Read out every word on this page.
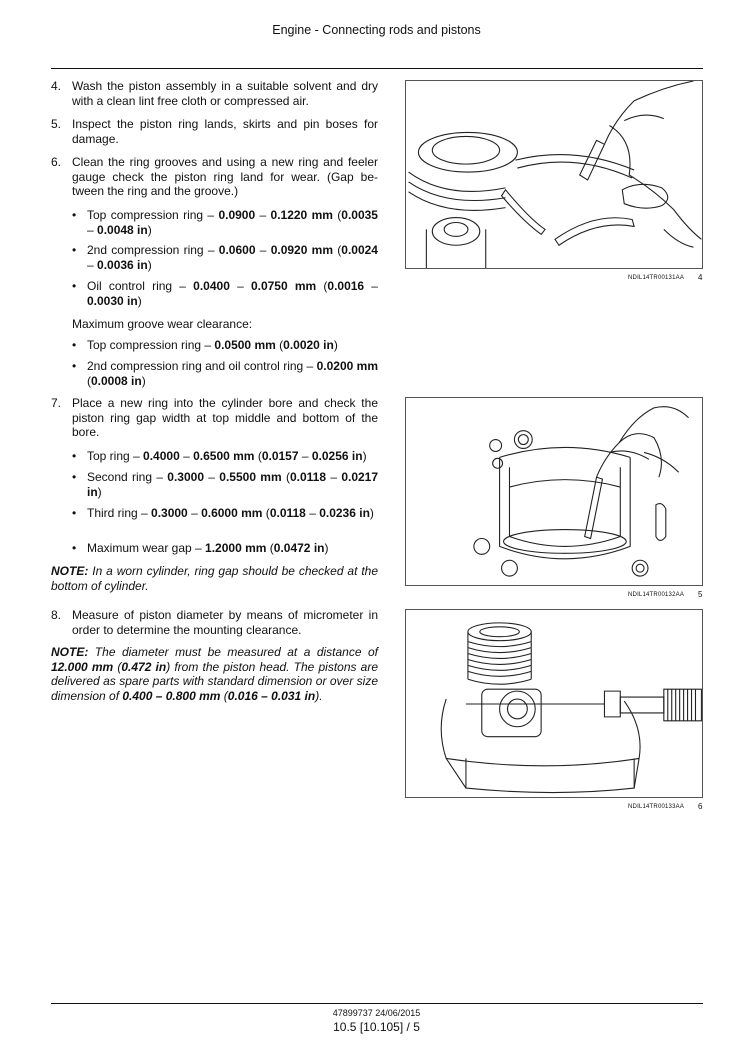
Engine - Connecting rods and pistons
4. Wash the piston assembly in a suitable solvent and dry with a clean lint free cloth or compressed air.
5. Inspect the piston ring lands, skirts and pin boses for damage.
6. Clean the ring grooves and using a new ring and feeler gauge check the piston ring land for wear. (Gap be- tween the ring and the groove.)
• Top compression ring – 0.0900 – 0.1220 mm (0.0035 – 0.0048 in)
• 2nd compression ring – 0.0600 – 0.0920 mm (0.0024 – 0.0036 in)
• Oil control ring – 0.0400 – 0.0750 mm (0.0016 – 0.0030 in)
Maximum groove wear clearance:
• Top compression ring – 0.0500 mm (0.0020 in)
• 2nd compression ring and oil control ring – 0.0200 mm (0.0008 in)
7. Place a new ring into the cylinder bore and check the piston ring gap width at top middle and bottom of the bore.
• Top ring – 0.4000 – 0.6500 mm (0.0157 – 0.0256 in)
• Second ring – 0.3000 – 0.5500 mm (0.0118 – 0.0217 in)
• Third ring – 0.3000 – 0.6000 mm (0.0118 – 0.0236 in)
• Maximum wear gap – 1.2000 mm (0.0472 in)
NOTE: In a worn cylinder, ring gap should be checked at the bottom of cylinder.
8. Measure of piston diameter by means of micrometer in order to determine the mounting clearance.
NOTE: The diameter must be measured at a distance of 12.000 mm (0.472 in) from the piston head. The pistons are delivered as spare parts with standard dimension or over size dimension of 0.400 – 0.800 mm (0.016 – 0.031 in).
NDIL14TR00131AA 4
NDIL14TR00132AA 5
NDIL14TR00133AA 6
47899737 24/06/2015
10.5 [10.105] / 5
